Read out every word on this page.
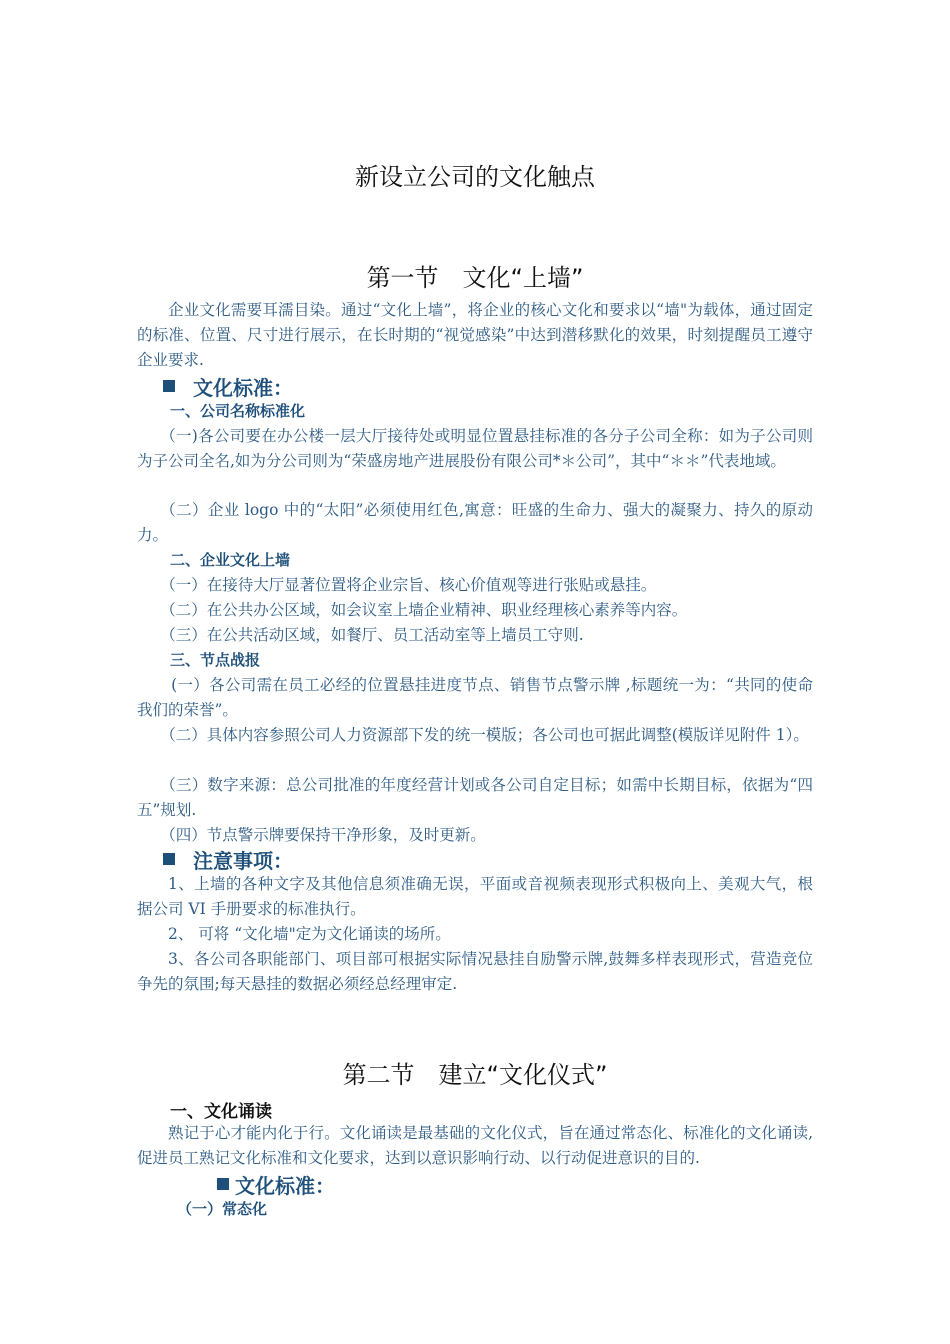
新设立公司的文化触点
第一节　文化“上墙”
企业文化需要耳濡目染。通过“文化上墙”，将企业的核心文化和要求以“墙"为载体，通过固定的标准、位置、尺寸进行展示，在长时期的“视觉感染”中达到潜移默化的效果，时刻提醒员工遵守企业要求.
文化标准：
一、公司名称标准化
（一)各公司要在办公楼一层大厅接待处或明显位置悬挂标准的各分子公司全称：如为子公司则为子公司全名,如为分公司则为“荣盛房地产进展股份有限公司*＊公司”，其中“＊＊”代表地域。
（二）企业 logo 中的“太阳”必须使用红色,寓意：旺盛的生命力、强大的凝聚力、持久的原动力。
二、企业文化上墙
（一）在接待大厅显著位置将企业宗旨、核心价值观等进行张贴或悬挂。
（二）在公共办公区域，如会议室上墙企业精神、职业经理核心素养等内容。
（三）在公共活动区域，如餐厅、员工活动室等上墙员工守则.
三、节点战报
(一）各公司需在员工必经的位置悬挂进度节点、销售节点警示牌 ,标题统一为：“共同的使命 我们的荣誉”。
（二）具体内容参照公司人力资源部下发的统一模版；各公司也可据此调整(模版详见附件 1）。
（三）数字来源：总公司批准的年度经营计划或各公司自定目标；如需中长期目标，依据为“四五”规划.
（四）节点警示牌要保持干净形象，及时更新。
注意事项：
1、上墙的各种文字及其他信息须准确无误，平面或音视频表现形式积极向上、美观大气，根据公司 VI 手册要求的标准执行。
2、 可将 “文化墙"定为文化诵读的场所。
3、各公司各职能部门、项目部可根据实际情况悬挂自励警示牌,鼓舞多样表现形式，营造竞位争先的氛围;每天悬挂的数据必须经总经理审定.
第二节　建立“文化仪式”
一、文化诵读
熟记于心才能内化于行。文化诵读是最基础的文化仪式，旨在通过常态化、标准化的文化诵读,促进员工熟记文化标准和文化要求，达到以意识影响行动、以行动促进意识的目的.
文化标准：
（一）常态化
